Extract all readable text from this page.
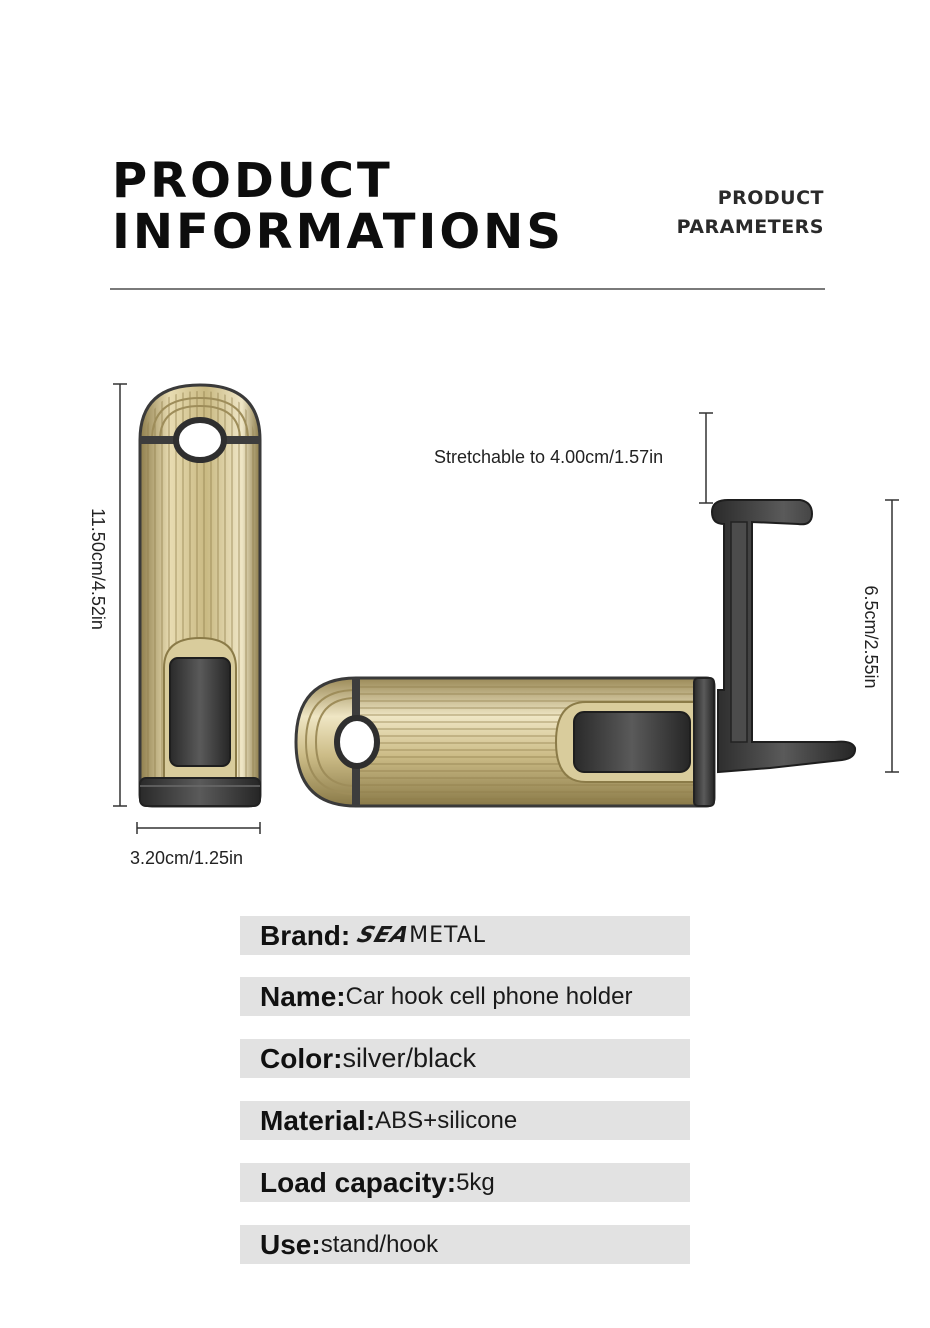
PRODUCT
INFORMATIONS
PRODUCT
PARAMETERS
11.50cm/4.52in
3.20cm/1.25in
Stretchable to 4.00cm/1.57in
6.5cm/2.55in
Brand: SEA
METAL
Name: Car hook cell phone holder
Color: silver/black
Material: ABS+silicone
Load capacity: 5kg
Use: stand/hook
